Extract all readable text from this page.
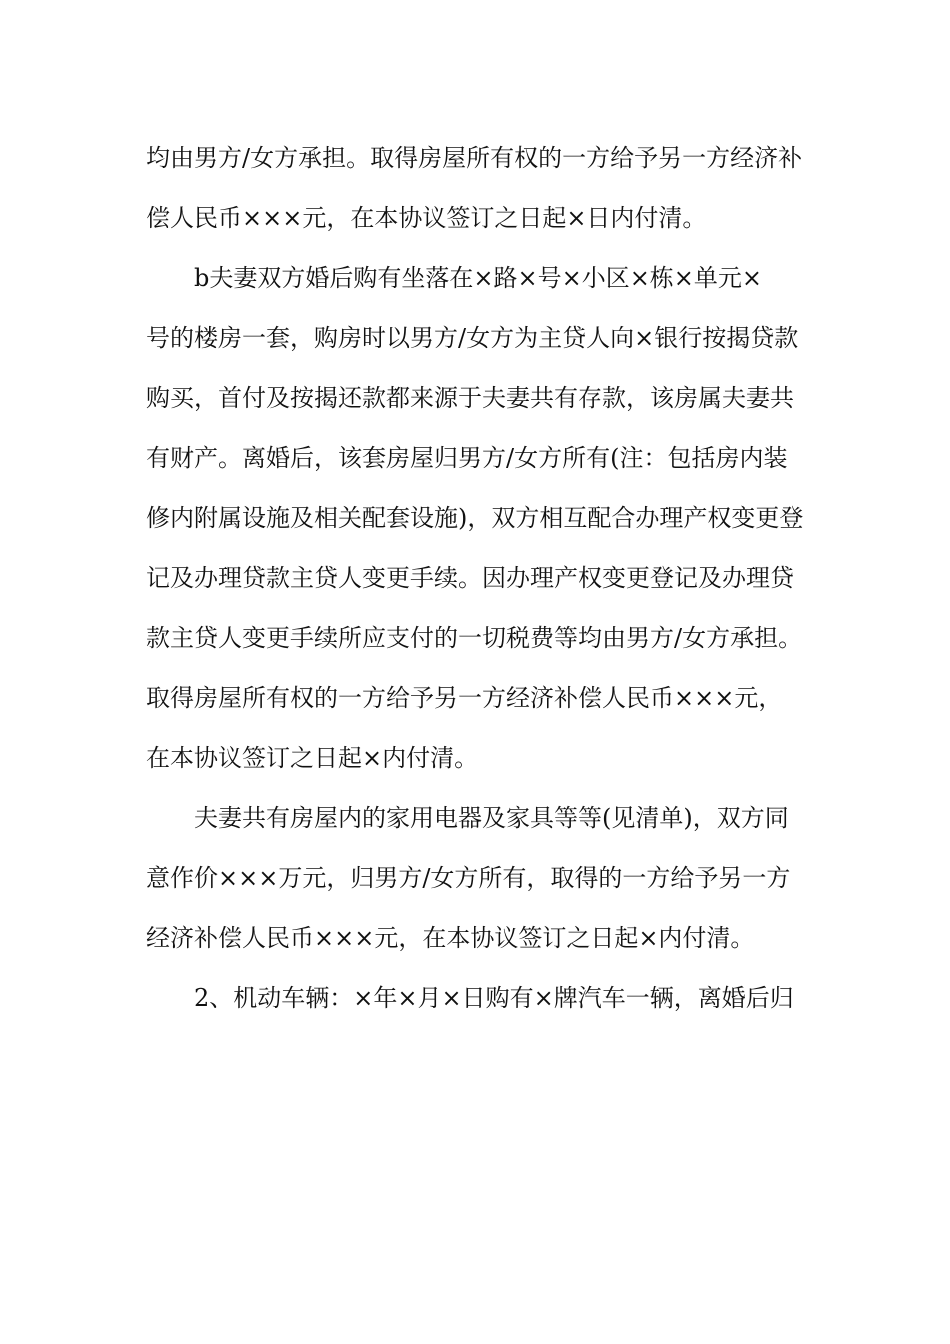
均由男方/女方承担。取得房屋所有权的一方给予另一方经济补
偿人民币×××元，在本协议签订之日起×日内付清。
b夫妻双方婚后购有坐落在×路×号×小区×栋×单元×
号的楼房一套，购房时以男方/女方为主贷人向×银行按揭贷款
购买，首付及按揭还款都来源于夫妻共有存款，该房属夫妻共
有财产。离婚后，该套房屋归男方/女方所有(注：包括房内装
修内附属设施及相关配套设施)，双方相互配合办理产权变更登
记及办理贷款主贷人变更手续。因办理产权变更登记及办理贷
款主贷人变更手续所应支付的一切税费等均由男方/女方承担。
取得房屋所有权的一方给予另一方经济补偿人民币×××元，
在本协议签订之日起×内付清。
夫妻共有房屋内的家用电器及家具等等(见清单)，双方同
意作价×××万元，归男方/女方所有，取得的一方给予另一方
经济补偿人民币×××元，在本协议签订之日起×内付清。
2、机动车辆：×年×月×日购有×牌汽车一辆，离婚后归
